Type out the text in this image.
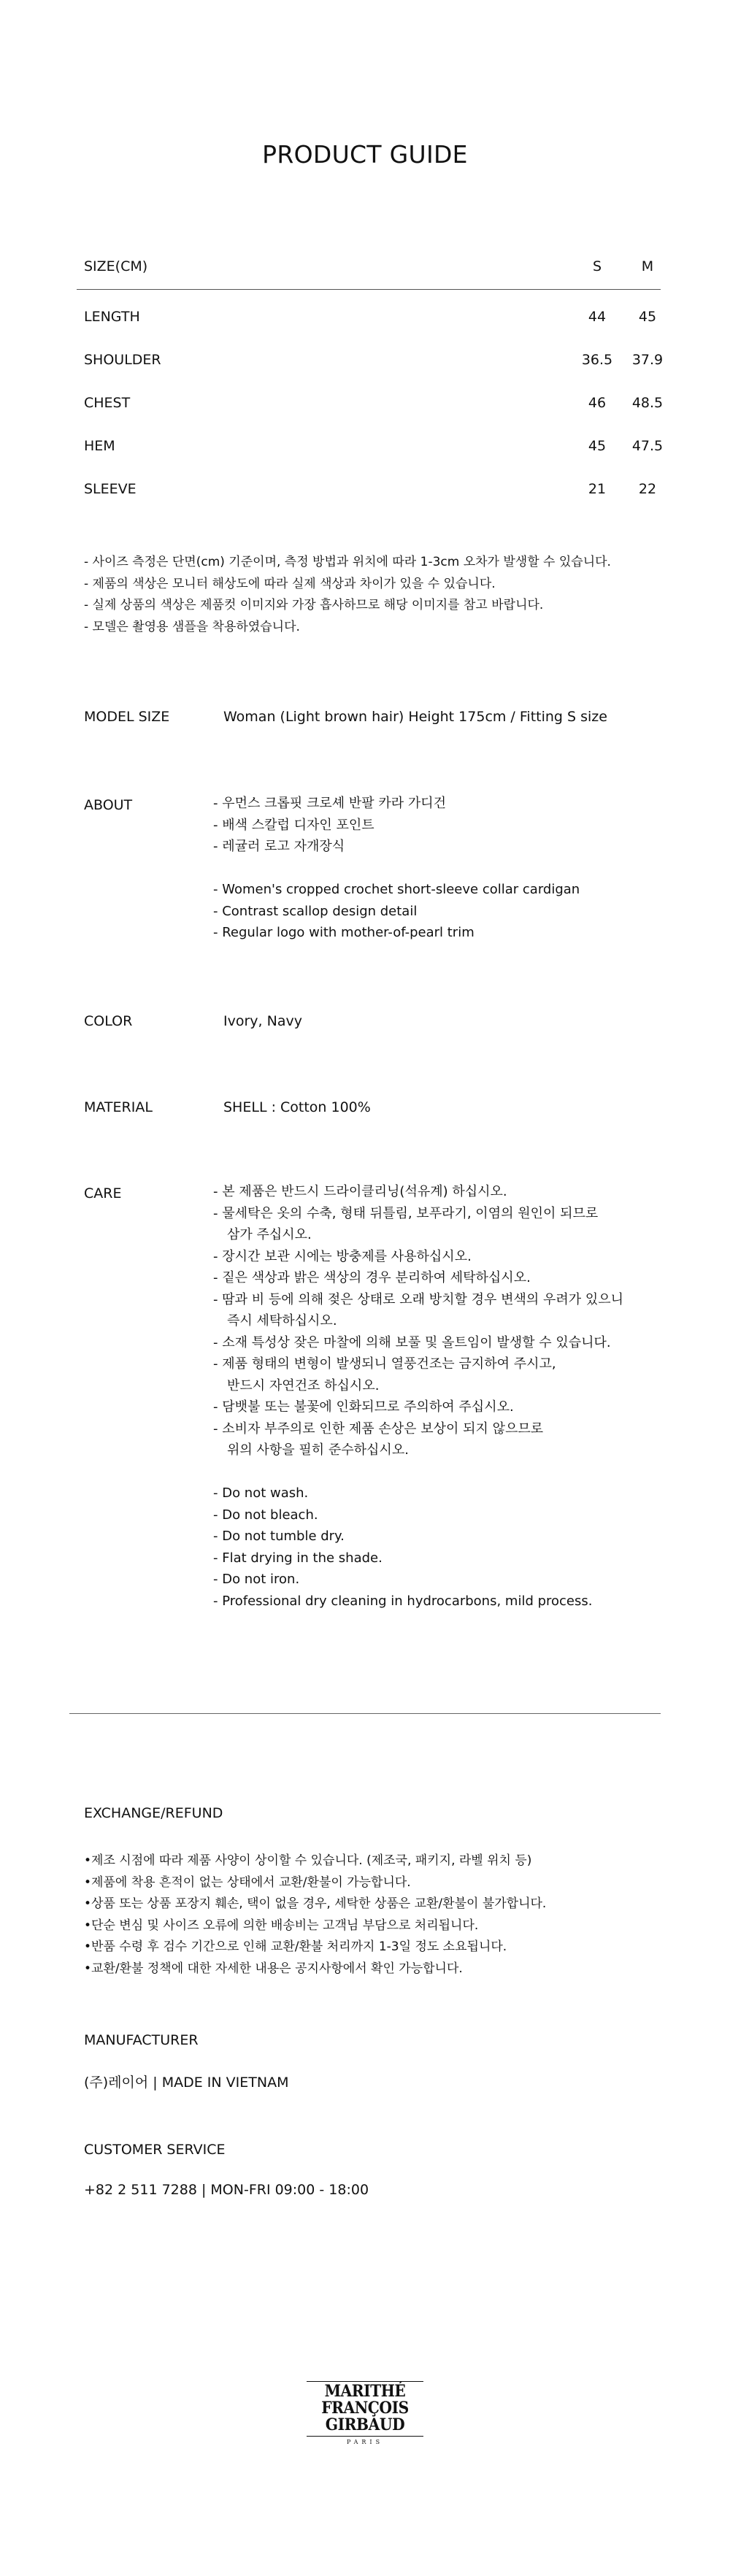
PRODUCT GUIDE
SIZE(CM)	S	M
LENGTH	44	45
SHOULDER	36.5	37.9
CHEST	46	48.5
HEM	45	47.5
SLEEVE	21	22
- 사이즈 측정은 단면(cm) 기준이며, 측정 방법과 위치에 따라 1-3cm 오차가 발생할 수 있습니다.
- 제품의 색상은 모니터 해상도에 따라 실제 색상과 차이가 있을 수 있습니다.
- 실제 상품의 색상은 제품컷 이미지와 가장 흡사하므로 해당 이미지를 참고 바랍니다.
- 모델은 촬영용 샘플을 착용하였습니다.
MODEL SIZE	Woman (Light brown hair) Height 175cm / Fitting S size
ABOUT	- 우먼스 크롭핏 크로셰 반팔 카라 가디건
- 배색 스칼럽 디자인 포인트
- 레귤러 로고 자개장식
- Women's cropped crochet short-sleeve collar cardigan
- Contrast scallop design detail
- Regular logo with mother-of-pearl trim
COLOR	Ivory, Navy
MATERIAL	SHELL : Cotton 100%
CARE	- 본 제품은 반드시 드라이클리닝(석유계) 하십시오.
- 물세탁은 옷의 수축, 형태 뒤틀림, 보푸라기, 이염의 원인이 되므로
삼가 주십시오.
- 장시간 보관 시에는 방충제를 사용하십시오.
- 짙은 색상과 밝은 색상의 경우 분리하여 세탁하십시오.
- 땀과 비 등에 의해 젖은 상태로 오래 방치할 경우 변색의 우려가 있으니
즉시 세탁하십시오.
- 소재 특성상 잦은 마찰에 의해 보풀 및 올트임이 발생할 수 있습니다.
- 제품 형태의 변형이 발생되니 열풍건조는 금지하여 주시고,
반드시 자연건조 하십시오.
- 담뱃불 또는 불꽃에 인화되므로 주의하여 주십시오.
- 소비자 부주의로 인한 제품 손상은 보상이 되지 않으므로
위의 사항을 필히 준수하십시오.
- Do not wash.
- Do not bleach.
- Do not tumble dry.
- Flat drying in the shade.
- Do not iron.
- Professional dry cleaning in hydrocarbons, mild process.
EXCHANGE/REFUND
•제조 시점에 따라 제품 사양이 상이할 수 있습니다. (제조국, 패키지, 라벨 위치 등)
•제품에 착용 흔적이 없는 상태에서 교환/환불이 가능합니다.
•상품 또는 상품 포장지 훼손, 택이 없을 경우, 세탁한 상품은 교환/환불이 불가합니다.
•단순 변심 및 사이즈 오류에 의한 배송비는 고객님 부담으로 처리됩니다.
•반품 수령 후 검수 기간으로 인해 교환/환불 처리까지 1-3일 정도 소요됩니다.
•교환/환불 정책에 대한 자세한 내용은 공지사항에서 확인 가능합니다.
MANUFACTURER
(주)레이어 | MADE IN VIETNAM
CUSTOMER SERVICE
+82 2 511 7288 | MON-FRI 09:00 - 18:00
MARITHÉ
FRANÇOIS
GIRBAUD
PARIS
